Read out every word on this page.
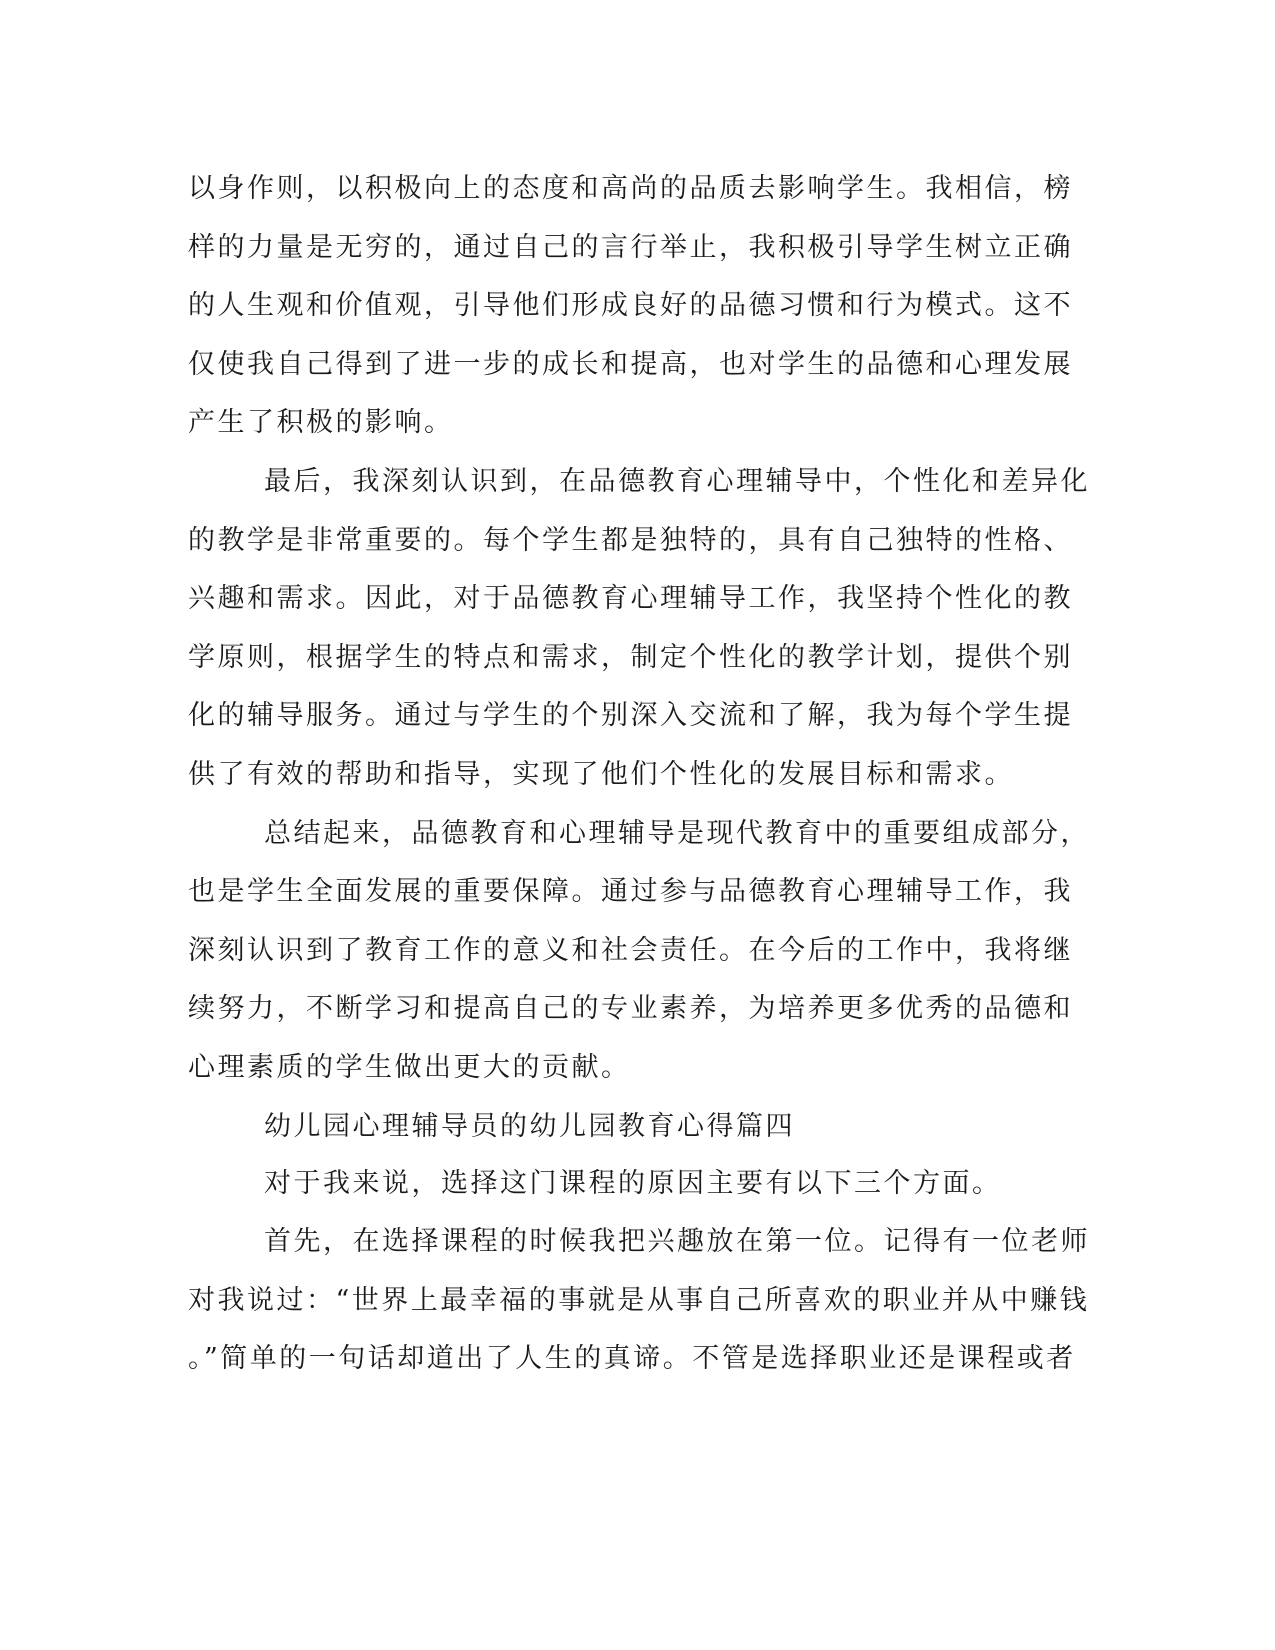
以身作则，以积极向上的态度和高尚的品质去影响学生。我相信，榜
样的力量是无穷的，通过自己的言行举止，我积极引导学生树立正确
的人生观和价值观，引导他们形成良好的品德习惯和行为模式。这不
仅使我自己得到了进一步的成长和提高，也对学生的品德和心理发展
产生了积极的影响。
最后，我深刻认识到，在品德教育心理辅导中，个性化和差异化
的教学是非常重要的。每个学生都是独特的，具有自己独特的性格、
兴趣和需求。因此，对于品德教育心理辅导工作，我坚持个性化的教
学原则，根据学生的特点和需求，制定个性化的教学计划，提供个别
化的辅导服务。通过与学生的个别深入交流和了解，我为每个学生提
供了有效的帮助和指导，实现了他们个性化的发展目标和需求。
总结起来，品德教育和心理辅导是现代教育中的重要组成部分，
也是学生全面发展的重要保障。通过参与品德教育心理辅导工作，我
深刻认识到了教育工作的意义和社会责任。在今后的工作中，我将继
续努力，不断学习和提高自己的专业素养，为培养更多优秀的品德和
心理素质的学生做出更大的贡献。
幼儿园心理辅导员的幼儿园教育心得篇四
对于我来说，选择这门课程的原因主要有以下三个方面。
首先，在选择课程的时候我把兴趣放在第一位。记得有一位老师
对我说过：“世界上最幸福的事就是从事自己所喜欢的职业并从中赚钱
。”简单的一句话却道出了人生的真谛。不管是选择职业还是课程或者
